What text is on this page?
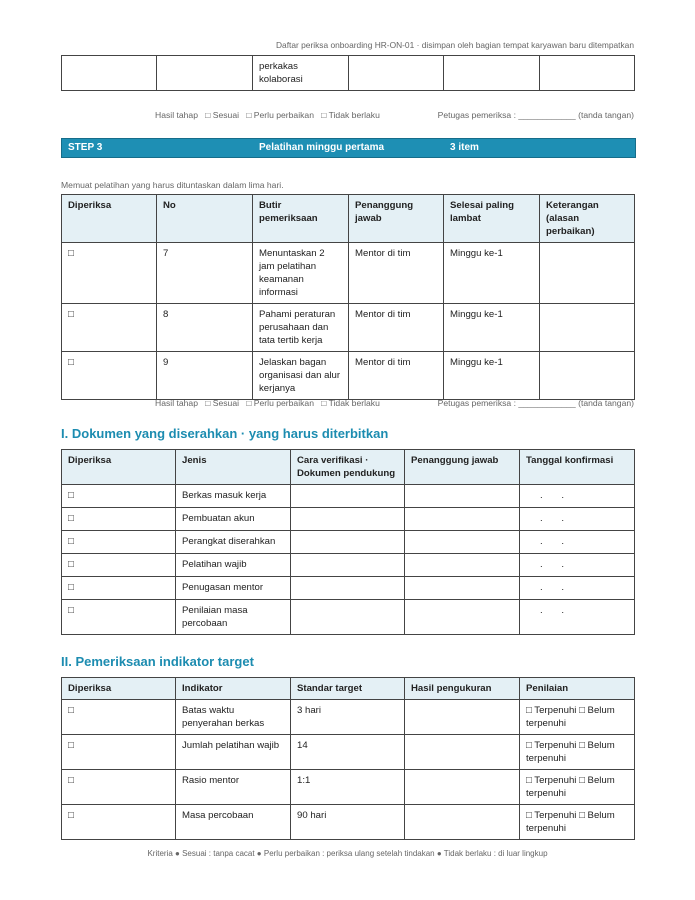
Daftar periksa onboarding HR-ON-01 · disimpan oleh bagian tempat karyawan baru ditempatkan
		perkakas kolaborasi			
Hasil tahap □ Sesuai □ Perlu perbaikan □ Tidak berlaku	Petugas pemeriksa : ____________ (tanda tangan)
STEP 3	Pelatihan minggu pertama	3 item
Memuat pelatihan yang harus dituntaskan dalam lima hari.
Diperiksa	No	Butir pemeriksaan	Penanggung jawab	Selesai paling lambat	Keterangan (alasan perbaikan)
□	7	Menuntaskan 2 jam pelatihan keamanan informasi	Mentor di tim	Minggu ke-1	
□	8	Pahami peraturan perusahaan dan tata tertib kerja	Mentor di tim	Minggu ke-1	
□	9	Jelaskan bagan organisasi dan alur kerjanya	Mentor di tim	Minggu ke-1	
Hasil tahap □ Sesuai □ Perlu perbaikan □ Tidak berlaku	Petugas pemeriksa : ____________ (tanda tangan)
I. Dokumen yang diserahkan · yang harus diterbitkan
Diperiksa	Jenis	Cara verifikasi · Dokumen pendukung	Penanggung jawab	Tanggal konfirmasi
□	Berkas masuk kerja			. .
□	Pembuatan akun			. .
□	Perangkat diserahkan			. .
□	Pelatihan wajib			. .
□	Penugasan mentor			. .
□	Penilaian masa percobaan			. .
II. Pemeriksaan indikator target
Diperiksa	Indikator	Standar target	Hasil pengukuran	Penilaian
□	Batas waktu penyerahan berkas	3 hari		□ Terpenuhi □ Belum terpenuhi
□	Jumlah pelatihan wajib	14		□ Terpenuhi □ Belum terpenuhi
□	Rasio mentor	1:1		□ Terpenuhi □ Belum terpenuhi
□	Masa percobaan	90 hari		□ Terpenuhi □ Belum terpenuhi
Kriteria ● Sesuai : tanpa cacat ● Perlu perbaikan : periksa ulang setelah tindakan ● Tidak berlaku : di luar lingkup
